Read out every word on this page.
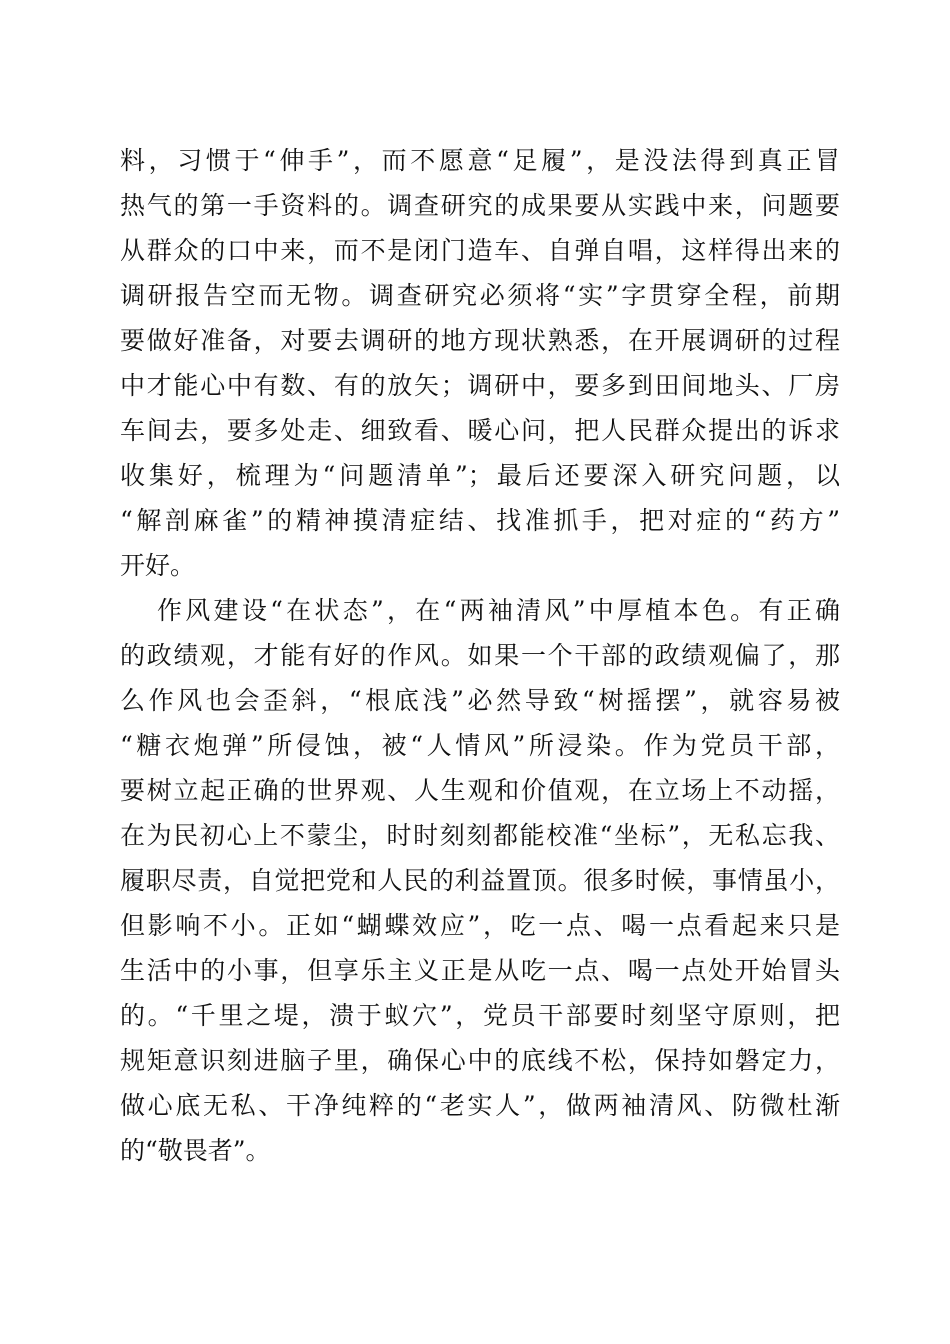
料，习惯于“伸手”，而不愿意“足履”，是没法得到真正冒
热气的第一手资料的。调查研究的成果要从实践中来，问题要
从群众的口中来，而不是闭门造车、自弹自唱，这样得出来的
调研报告空而无物。调查研究必须将“实”字贯穿全程，前期
要做好准备，对要去调研的地方现状熟悉，在开展调研的过程
中才能心中有数、有的放矢；调研中，要多到田间地头、厂房
车间去，要多处走、细致看、暖心问，把人民群众提出的诉求
收集好，梳理为“问题清单”；最后还要深入研究问题，以
“解剖麻雀”的精神摸清症结、找准抓手，把对症的“药方”
开好。
作风建设“在状态”，在“两袖清风”中厚植本色。有正确
的政绩观，才能有好的作风。如果一个干部的政绩观偏了，那
么作风也会歪斜，“根底浅”必然导致“树摇摆”，就容易被
“糖衣炮弹”所侵蚀，被“人情风”所浸染。作为党员干部，
要树立起正确的世界观、人生观和价值观，在立场上不动摇，
在为民初心上不蒙尘，时时刻刻都能校准“坐标”，无私忘我、
履职尽责，自觉把党和人民的利益置顶。很多时候，事情虽小，
但影响不小。正如“蝴蝶效应”，吃一点、喝一点看起来只是
生活中的小事，但享乐主义正是从吃一点、喝一点处开始冒头
的。“千里之堤，溃于蚁穴”，党员干部要时刻坚守原则，把
规矩意识刻进脑子里，确保心中的底线不松，保持如磐定力，
做心底无私、干净纯粹的“老实人”，做两袖清风、防微杜渐
的“敬畏者”。
